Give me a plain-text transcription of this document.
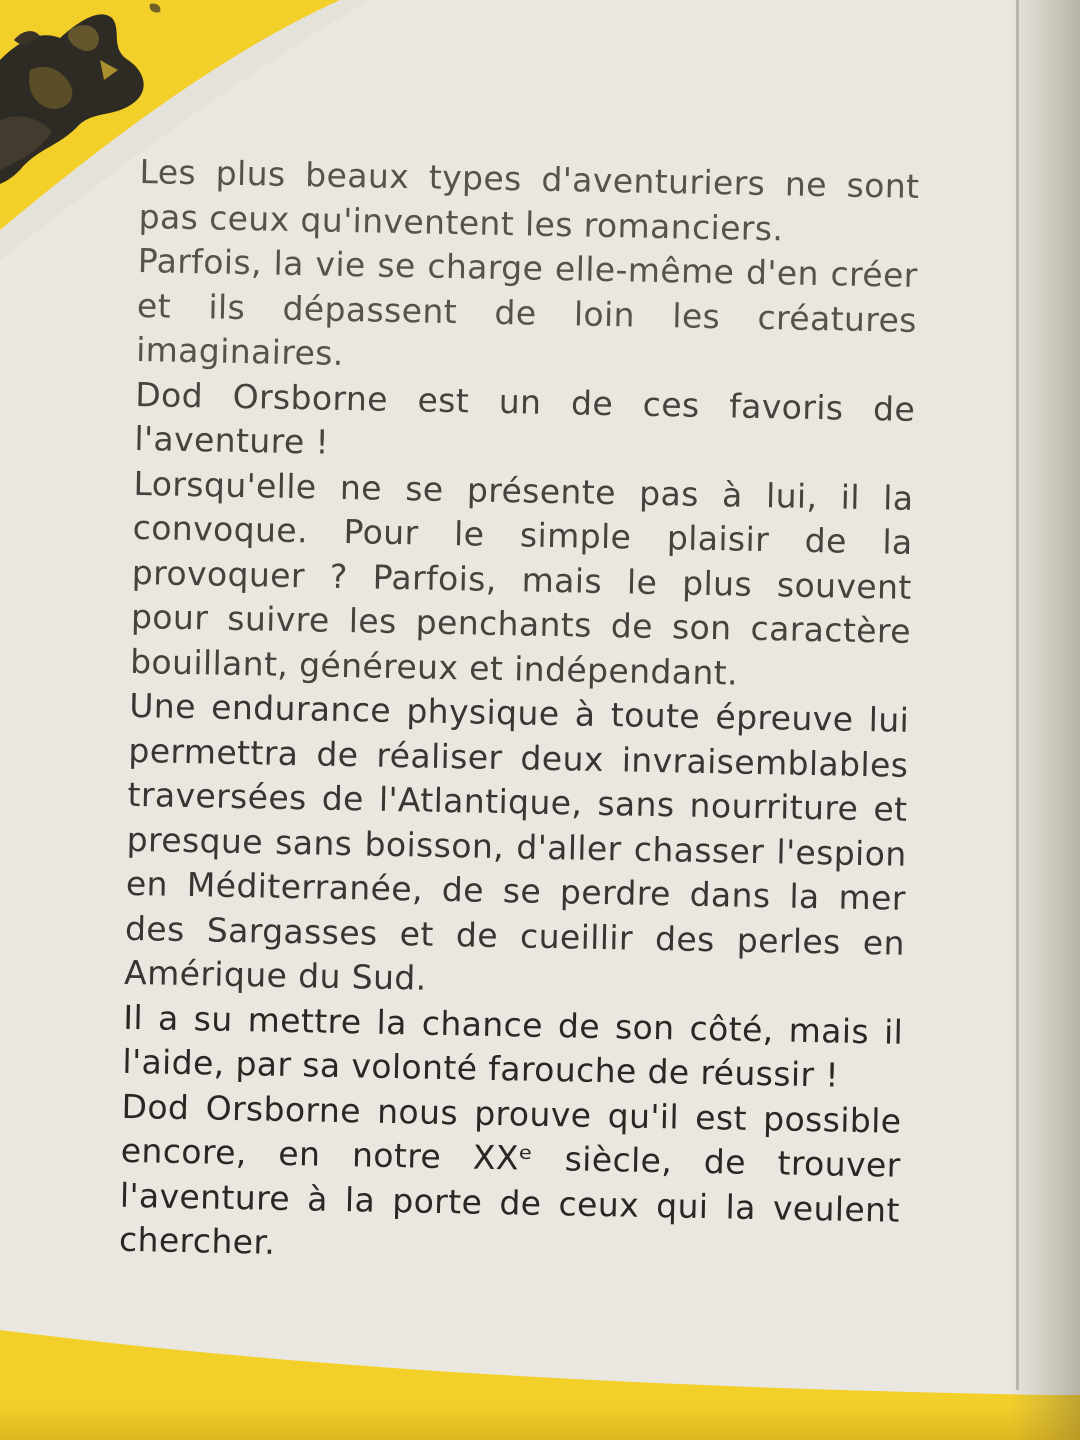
Les plus beaux types d'aventuriers ne sont pas ceux qu'inventent les romanciers.

Parfois, la vie se charge elle-même d'en créer et ils dépassent de loin les créatures imaginaires.

Dod Orsborne est un de ces favoris de l'aventure !

Lorsqu'elle ne se présente pas à lui, il la convoque. Pour le simple plaisir de la provoquer ? Parfois, mais le plus souvent pour suivre les penchants de son caractère bouillant, généreux et indépendant.

Une endurance physique à toute épreuve lui permettra de réaliser deux invraisemblables traversées de l'Atlantique, sans nourriture et presque sans boisson, d'aller chasser l'espion en Méditerranée, de se perdre dans la mer des Sargasses et de cueillir des perles en Amérique du Sud.

Il a su mettre la chance de son côté, mais il l'aide, par sa volonté farouche de réussir !

Dod Orsborne nous prouve qu'il est possible encore, en notre XXᵉ siècle, de trouver l'aventure à la porte de ceux qui la veulent chercher.
